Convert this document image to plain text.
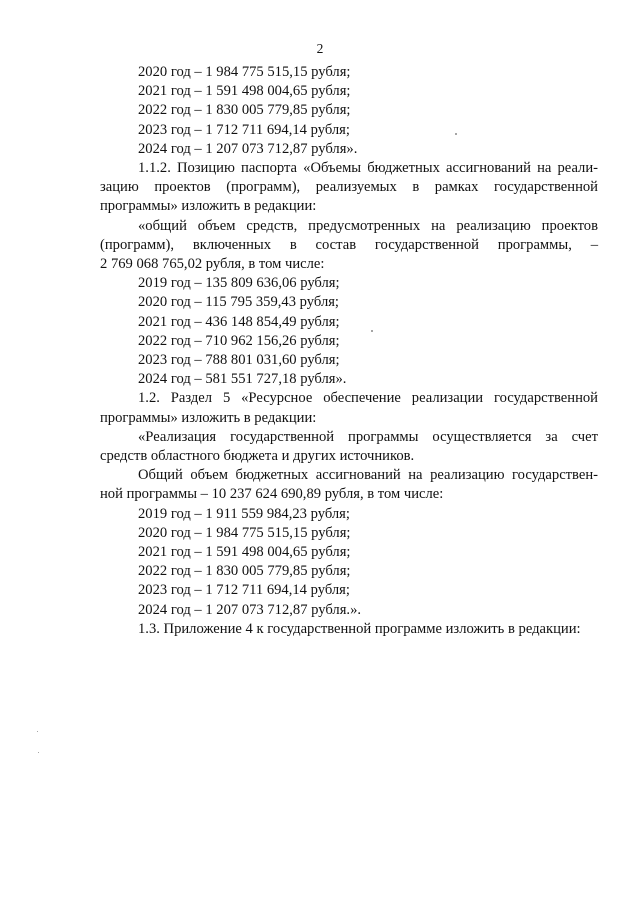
2
2020 год – 1 984 775 515,15 рубля;
2021 год – 1 591 498 004,65 рубля;
2022 год – 1 830 005 779,85 рубля;
2023 год – 1 712 711 694,14 рубля;
2024 год – 1 207 073 712,87 рубля».
1.1.2. Позицию паспорта «Объемы бюджетных ассигнований на реали-
зацию проектов (программ), реализуемых в рамках государственной
программы» изложить в редакции:
«общий объем средств, предусмотренных на реализацию проектов
(программ), включенных в состав государственной программы, –
2 769 068 765,02 рубля, в том числе:
2019 год – 135 809 636,06 рубля;
2020 год – 115 795 359,43 рубля;
2021 год – 436 148 854,49 рубля;
2022 год – 710 962 156,26 рубля;
2023 год – 788 801 031,60 рубля;
2024 год – 581 551 727,18 рубля».
1.2. Раздел 5 «Ресурсное обеспечение реализации государственной
программы» изложить в редакции:
«Реализация государственной программы осуществляется за счет
средств областного бюджета и других источников.
Общий объем бюджетных ассигнований на реализацию государствен-
ной программы – 10 237 624 690,89 рубля, в том числе:
2019 год – 1 911 559 984,23 рубля;
2020 год – 1 984 775 515,15 рубля;
2021 год – 1 591 498 004,65 рубля;
2022 год – 1 830 005 779,85 рубля;
2023 год – 1 712 711 694,14 рубля;
2024 год – 1 207 073 712,87 рубля.».
1.3. Приложение 4 к государственной программе изложить в редакции:
